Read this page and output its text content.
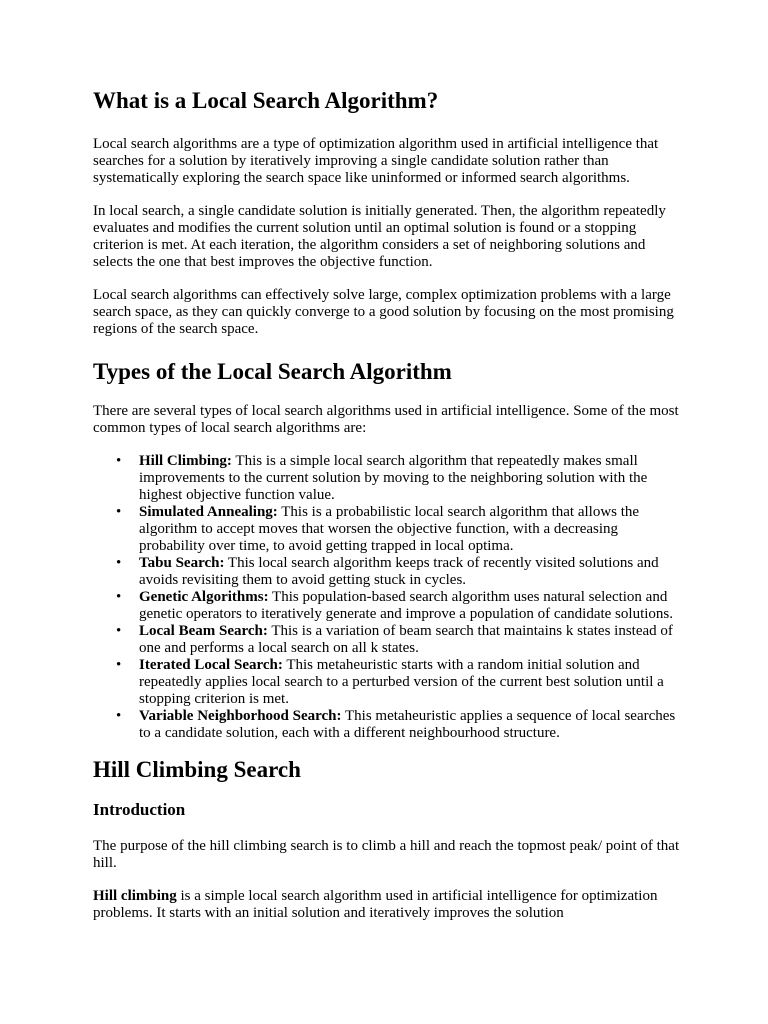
What is a Local Search Algorithm?

Local search algorithms are a type of optimization algorithm used in artificial intelligence that searches for a solution by iteratively improving a single candidate solution rather than systematically exploring the search space like uninformed or informed search algorithms.

In local search, a single candidate solution is initially generated. Then, the algorithm repeatedly evaluates and modifies the current solution until an optimal solution is found or a stopping criterion is met. At each iteration, the algorithm considers a set of neighboring solutions and selects the one that best improves the objective function.

Local search algorithms can effectively solve large, complex optimization problems with a large search space, as they can quickly converge to a good solution by focusing on the most promising regions of the search space.

Types of the Local Search Algorithm

There are several types of local search algorithms used in artificial intelligence. Some of the most common types of local search algorithms are:

• Hill Climbing: This is a simple local search algorithm that repeatedly makes small improvements to the current solution by moving to the neighboring solution with the highest objective function value.
• Simulated Annealing: This is a probabilistic local search algorithm that allows the algorithm to accept moves that worsen the objective function, with a decreasing probability over time, to avoid getting trapped in local optima.
• Tabu Search: This local search algorithm keeps track of recently visited solutions and avoids revisiting them to avoid getting stuck in cycles.
• Genetic Algorithms: This population-based search algorithm uses natural selection and genetic operators to iteratively generate and improve a population of candidate solutions.
• Local Beam Search: This is a variation of beam search that maintains k states instead of one and performs a local search on all k states.
• Iterated Local Search: This metaheuristic starts with a random initial solution and repeatedly applies local search to a perturbed version of the current best solution until a stopping criterion is met.
• Variable Neighborhood Search: This metaheuristic applies a sequence of local searches to a candidate solution, each with a different neighbourhood structure.
Hill Climbing Search
Introduction

The purpose of the hill climbing search is to climb a hill and reach the topmost peak/ point of that hill.

Hill climbing is a simple local search algorithm used in artificial intelligence for optimization problems. It starts with an initial solution and iteratively improves the solution
